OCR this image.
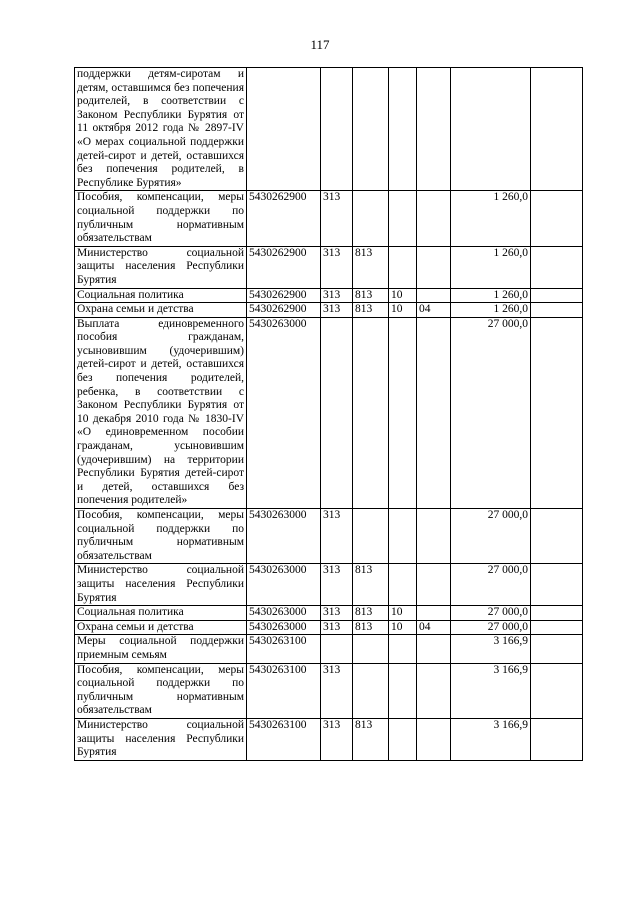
117
поддержки детям-сиротам и детям, оставшимся без попечения родителей, в соответствии с Законом Республики Бурятия от 11 октября 2012 года № 2897-IV «О мерах социальной поддержки детей-сирот и детей, оставшихся без попечения родителей, в Республике Бурятия»							
Пособия, компенсации, меры социальной поддержки по публичным нормативным обязательствам	5430262900	313				1 260,0	
Министерство социальной защиты населения Республики Бурятия	5430262900	313	813			1 260,0	
Социальная политика	5430262900	313	813	10		1 260,0	
Охрана семьи и детства	5430262900	313	813	10	04	1 260,0	
Выплата единовременного пособия гражданам, усыновившим (удочерившим) детей-сирот и детей, оставшихся без попечения родителей, ребенка, в соответствии с Законом Республики Бурятия от 10 декабря 2010 года № 1830-IV «О единовременном пособии гражданам, усыновившим (удочерившим) на территории Республики Бурятия детей-сирот и детей, оставшихся без попечения родителей»	5430263000					27 000,0	
Пособия, компенсации, меры социальной поддержки по публичным нормативным обязательствам	5430263000	313				27 000,0	
Министерство социальной защиты населения Республики Бурятия	5430263000	313	813			27 000,0	
Социальная политика	5430263000	313	813	10		27 000,0	
Охрана семьи и детства	5430263000	313	813	10	04	27 000,0	
Меры социальной поддержки приемным семьям	5430263100					3 166,9	
Пособия, компенсации, меры социальной поддержки по публичным нормативным обязательствам	5430263100	313				3 166,9	
Министерство социальной защиты населения Республики Бурятия	5430263100	313	813			3 166,9	
